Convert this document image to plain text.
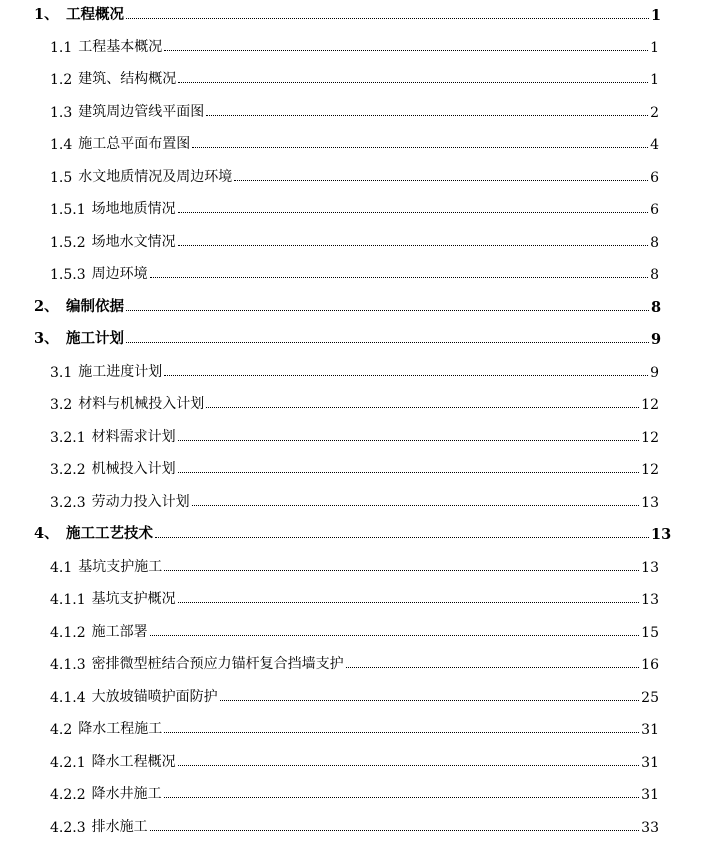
1、 工程概况	1
1.1 工程基本概况	1
1.2 建筑、结构概况	1
1.3 建筑周边管线平面图	2
1.4 施工总平面布置图	4
1.5 水文地质情况及周边环境	6
1.5.1 场地地质情况	6
1.5.2 场地水文情况	8
1.5.3 周边环境	8
2、 编制依据	8
3、 施工计划	9
3.1 施工进度计划	9
3.2 材料与机械投入计划	12
3.2.1 材料需求计划	12
3.2.2 机械投入计划	12
3.2.3 劳动力投入计划	13
4、 施工工艺技术	13
4.1 基坑支护施工	13
4.1.1 基坑支护概况	13
4.1.2 施工部署	15
4.1.3 密排微型桩结合预应力锚杆复合挡墙支护	16
4.1.4 大放坡锚喷护面防护	25
4.2 降水工程施工	31
4.2.1 降水工程概况	31
4.2.2 降水井施工	31
4.2.3 排水施工	33
